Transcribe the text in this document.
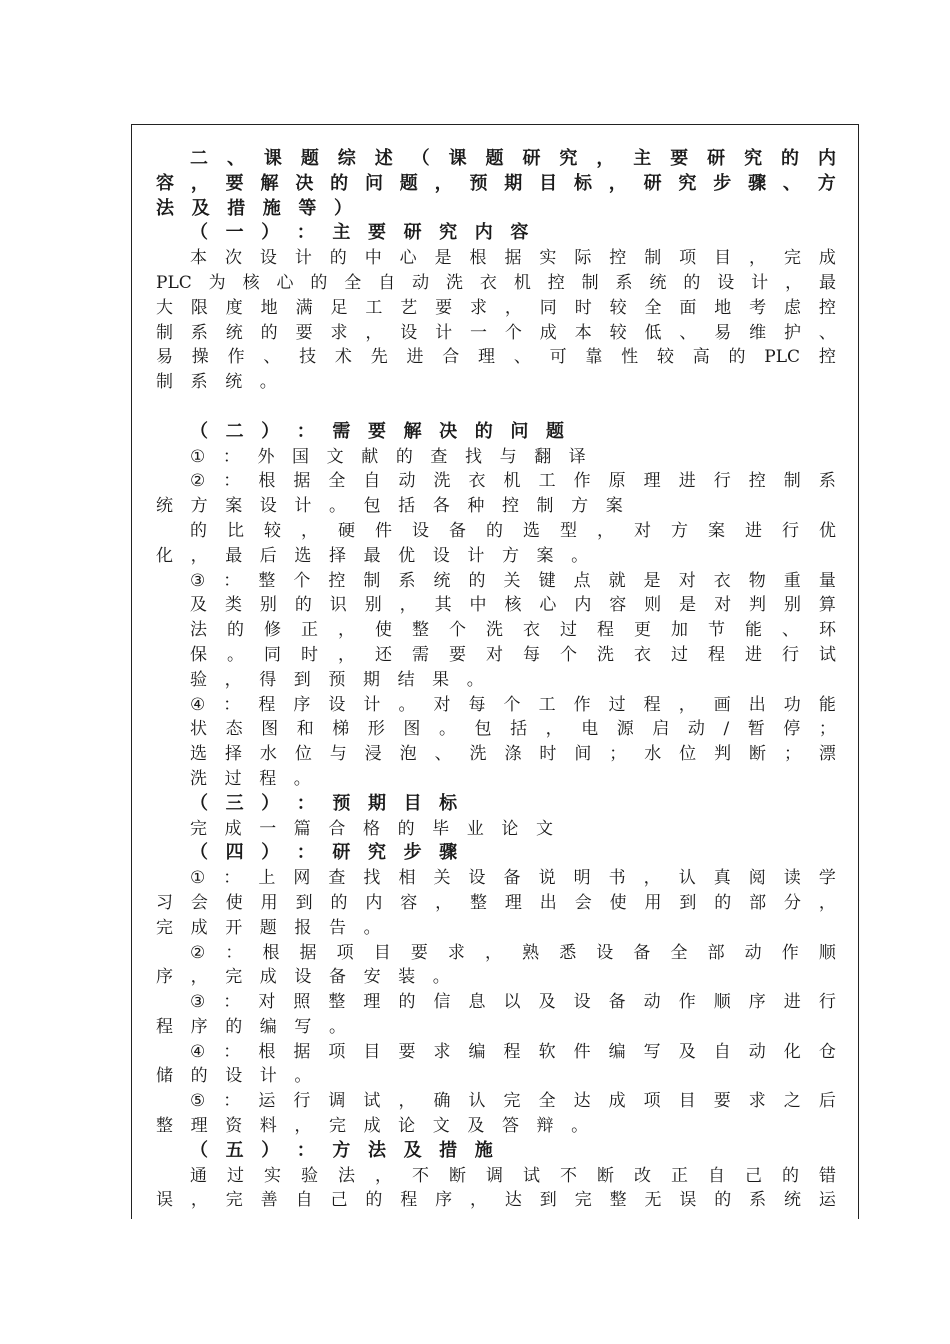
二 、 课 题 综 述 （ 课 题 研 究 ， 主 要 研 究 的 内
容 ， 要 解 决 的 问 题 ， 预 期 目 标 ， 研 究 步 骤 、 方
法 及 措 施 等 ）
（ 一 ） ： 主 要 研 究 内 容
本 次 设 计 的 中 心 是 根 据 实 际 控 制 项 目 ， 完 成
PLC 为 核 心 的 全 自 动 洗 衣 机 控 制 系 统 的 设 计 ， 最
大 限 度 地 满 足 工 艺 要 求 ， 同 时 较 全 面 地 考 虑 控
制 系 统 的 要 求 ， 设 计 一 个 成 本 较 低 、 易 维 护 、
易 操 作 、 技 术 先 进 合 理 、 可 靠 性 较 高 的 PLC 控
制 系 统 。
（ 二 ） ： 需 要 解 决 的 问 题
① ： 外 国 文 献 的 查 找 与 翻 译
② ： 根 据 全 自 动 洗 衣 机 工 作 原 理 进 行 控 制 系
统 方 案 设 计 。 包 括 各 种 控 制 方 案
的 比 较 ， 硬 件 设 备 的 选 型 ， 对 方 案 进 行 优
化 ， 最 后 选 择 最 优 设 计 方 案 。
③ ： 整 个 控 制 系 统 的 关 键 点 就 是 对 衣 物 重 量
及 类 别 的 识 别 ， 其 中 核 心 内 容 则 是 对 判 别 算
法 的 修 正 ， 使 整 个 洗 衣 过 程 更 加 节 能 、 环
保 。 同 时 ， 还 需 要 对 每 个 洗 衣 过 程 进 行 试
验 ， 得 到 预 期 结 果 。
④ ： 程 序 设 计 。 对 每 个 工 作 过 程 ， 画 出 功 能
状 态 图 和 梯 形 图 。 包 括 ， 电 源 启 动 / 暂 停 ；
选 择 水 位 与 浸 泡 、 洗 涤 时 间 ； 水 位 判 断 ； 漂
洗 过 程 。
（ 三 ） ： 预 期 目 标
完 成 一 篇 合 格 的 毕 业 论 文
（ 四 ） ： 研 究 步 骤
① ： 上 网 查 找 相 关 设 备 说 明 书 ， 认 真 阅 读 学
习 会 使 用 到 的 内 容 ， 整 理 出 会 使 用 到 的 部 分 ，
完 成 开 题 报 告 。
② ： 根 据 项 目 要 求 ， 熟 悉 设 备 全 部 动 作 顺
序 ， 完 成 设 备 安 装 。
③ ： 对 照 整 理 的 信 息 以 及 设 备 动 作 顺 序 进 行
程 序 的 编 写 。
④ ： 根 据 项 目 要 求 编 程 软 件 编 写 及 自 动 化 仓
储 的 设 计 。
⑤ ： 运 行 调 试 ， 确 认 完 全 达 成 项 目 要 求 之 后
整 理 资 料 ， 完 成 论 文 及 答 辩 。
（ 五 ） ： 方 法 及 措 施
通 过 实 验 法 ， 不 断 调 试 不 断 改 正 自 己 的 错
误 ， 完 善 自 己 的 程 序 ， 达 到 完 整 无 误 的 系 统 运
